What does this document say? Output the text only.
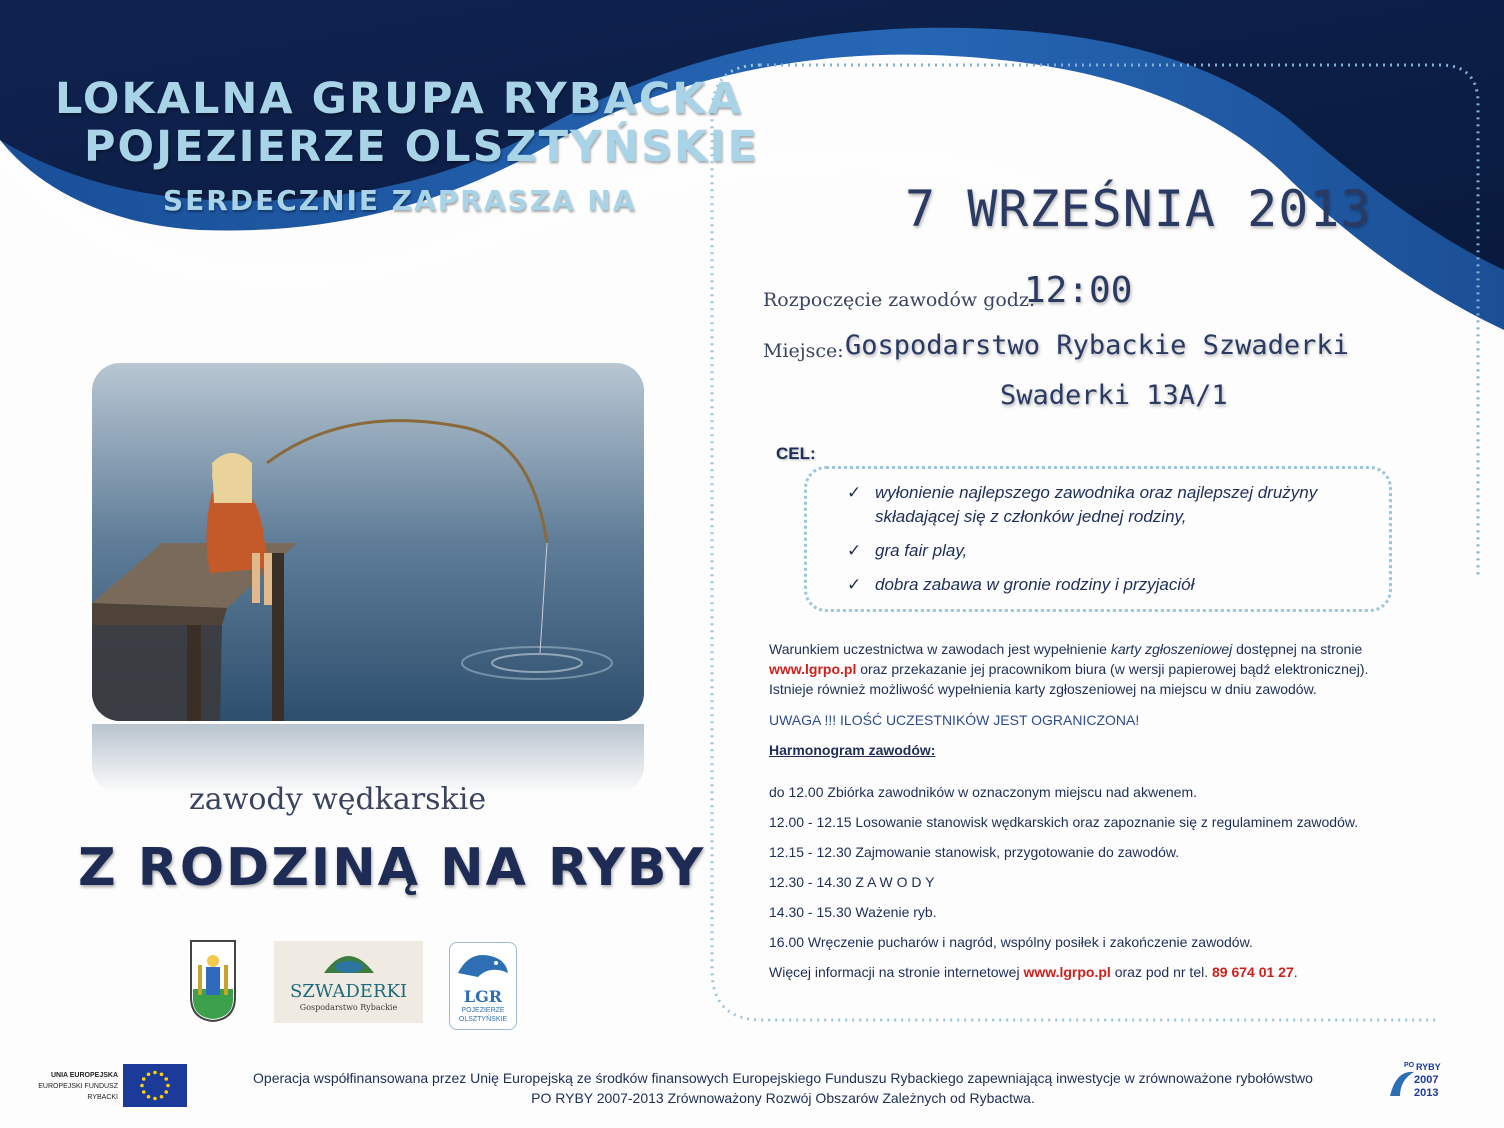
LOKALNA GRUPA RYBACKA
POJEZIERZE OLSZTYŃSKIE
SERDECZNIE ZAPRASZA NA	7 WRZEŚNIA 2013
Rozpoczęcie zawodów godz.
12:00
Miejsce: Gospodarstwo Rybackie Szwaderki
Swaderki 13A/1
CEL:
✓ wyłonienie najlepszego zawodnika oraz najlepszej drużyny
składającej się z członków jednej rodziny,
✓ gra fair play,
✓ dobra zabawa w gronie rodziny i przyjaciół
Warunkiem uczestnictwa w zawodach jest wypełnienie karty zgłoszeniowej dostępnej na stronie
www.lgrpo.pl oraz przekazanie jej pracownikom biura (w wersji papierowej bądź elektronicznej).
Istnieje również możliwość wypełnienia karty zgłoszeniowej na miejscu w dniu zawodów.
UWAGA !!! ILOŚĆ UCZESTNIKÓW JEST OGRANICZONA!
Harmonogram zawodów:

do 12.00 Zbiórka zawodników w oznaczonym miejscu nad akwenem.

12.00 - 12.15 Losowanie stanowisk wędkarskich oraz zapoznanie się z regulaminem zawodów.

12.15 - 12.30 Zajmowanie stanowisk, przygotowanie do zawodów.

12.30 - 14.30 Z A W O D Y

14.30 - 15.30 Ważenie ryb.

16.00 Wręczenie pucharów i nagród, wspólny posiłek i zakończenie zawodów.

Więcej informacji na stronie internetowej www.lgrpo.pl oraz pod nr tel. 89 674 01 27.

zawody wędkarskie
Z RODZINĄ NA RYBY
SZWADERKI
Gospodarstwo Rybackie
LGR
POJEZIERZE
OLSZTYŃSKIE
UNIA EUROPEJSKA
EUROPEJSKI FUNDUSZ
RYBACKI
Operacja współfinansowana przez Unię Europejską ze środków finansowych Europejskiego Funduszu Rybackiego zapewniającą inwestycje w zrównoważone rybołówstwo
PO RYBY 2007-2013 Zrównoważony Rozwój Obszarów Zależnych od Rybactwa.
PO RYBY
2007
2013
